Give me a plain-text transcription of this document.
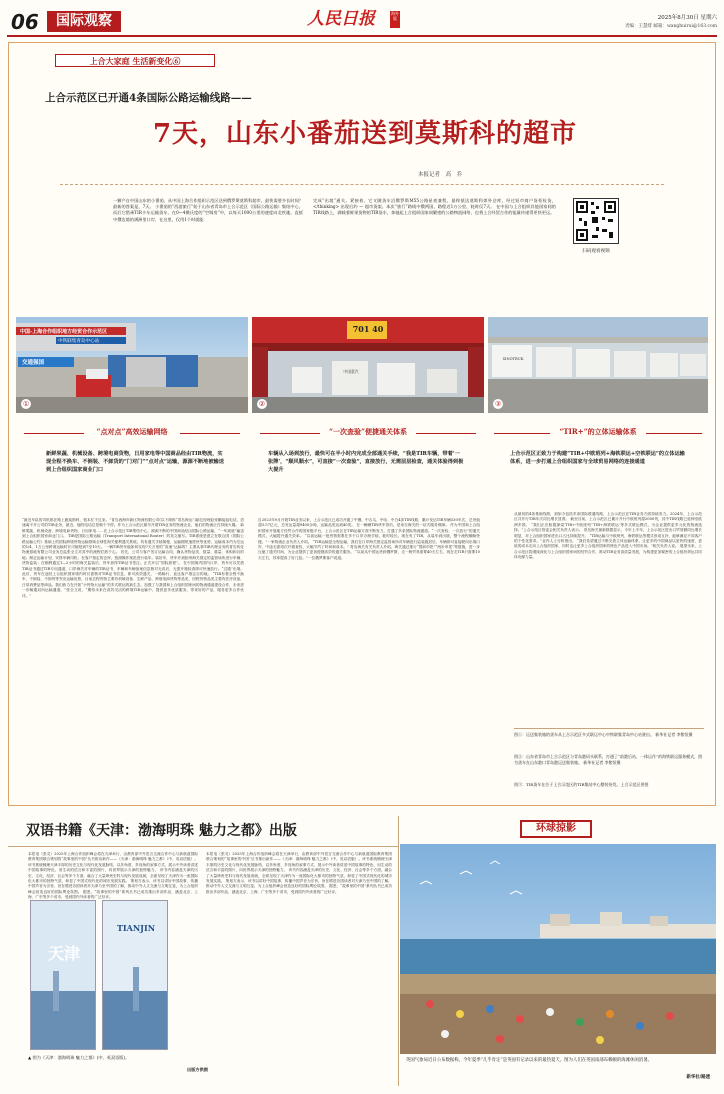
06	国际观察	人民日报	海外版	2025年8月30日 星期六
责编：王慧绯 邮箱：wanghuirui@163.com
上合大家庭 生活新变化⑥
上合示范区已开通4条国际公路运输线路——
7天，山东小番茄送到莫斯科的超市
本报记者　高　乔
一颗产自中国山东的小番茄，从中国上海合作组织示范区送到俄罗斯莫斯科超市，最快需要多长时间？ 最新的答案是，7天。 小番茄的“西游旅行”始于山东省青岛市上合示范区（国际公路运输）集结中心，而后它搭乘TIR卡车运输货车，在0—4摄氏度的“空调房”中，以每天1000公里的速度向北疾驰。直抵中俄边境的满洲里口岸，在这里，仅用1个时就能
完成“出境”通关。紧接着，它又随货车沿俄罗斯M55公路星夜兼程，最终抵达莫斯科郊外仓库，经过短市商户货柜检货，</thinking> 出现后约 — 超市货架。本次“旅行”路线中俄两国，路程近1万公里，耗时仅7天。 在中国与上合组织其他国家间的TIR线路上，满载着鲜果货物的TIR货车，奔驰起上合组织国家间繁密的公路物流网络，也将上合经贸合作的能量传递得更快更远。
扫码观看视频
中国-上海合作组织地方经贸合作示范区
中铁联集青岛中心站
交通强国
①
701 40
中国重汽
②
SINOTRUK
③
“点对点”高效运输网络	“一次查验”便捷通关体系	“TIR+”的立体运输体系
新鲜果蔬、机械设备、跨境电商货物，日用家电等中国商品经由TIR物流，实现全程不换车、不倒装、不卸货的“门对门”“点对点”运输，源源不断地被输送到上合组织国家商业门口
车辆从入场到放行，最快可在半小时内完成全部通关手续，“我是TIR车辆，带着‘一张牌’，“顺风顺水”，可直接“一次查验”，直接放行，无需层层检查，通关体验得到极大提升
上合示范区正致力于构建“TIR+中欧班列+海铁联运+空铁联运”的立体运输体系，进一步打通上合组织国家与全球贸易网络的连接通道
“最近车队的司机都在路上跑莫斯科，根本忙不过来。”青岛西海岸新区物流有限公司(以下简称“青岛海运”)副总经理赵家鹏接起电话，语速离不开公司的TIR业务，最近，他的电话总是响个不停。作为上合示范区最早开展TIR业务的物流企业，他们的物流正在持续火爆。 新鲜果蔬、机械设备、跨境电商货物、日用家电……在上合示范区TIR集结中心，源源不断的中国商品经由国际公路运输，“一车到底”输送到上合组织国家商业门口。 TIR是国际公路运输（Transport International Router）的英文缩写。TIR系统是建立在联合国《国际公路运输公约》基础上的国际跨境货物运输领域全球性海关便利通关系统。具有通关手续简便、运输期短速度快等优势，运输成本约为空运的1/4、1万公里跨境运输时长可缩短到7至10天。 一辆TIR货车能如何实现7天万里的“高速”运输的？主要从事TIR代理业务的青岛传化物流基地有限公司业务总监张全文对其中的流程烂熟于心。 首先，公司与客户签订运输合同，确认货物品类、数量、重量、体积和目的地；制定运输计划，安排车辆司机；在客户指定的仓库，按照操作规范进行装车。装好车，货车开到胶州海关指定的监管场所进行车辆、货物监装；在顺利通过1—2小时的海关监装后，货车获得TIR证书签注。正式开启“国际旅程”。 在中国境内国内口岸，货车可以凭借TIR证书通过TIR专用通道，口岸海关对车辆的TIR证书、车辆和车辆备案信息核对无误后，无需开箱检查即可快速放行。“过通”出境。 此后，货车在途经上合组织国家境内时仅需核对TIR证书信息，即可高效通关，一路畅行，直达客户指定目的地。 “TIR有着全程不换车、不倒装、不卸货等突出运输优势，目前去程货物主要有机械设备、生鲜产品、跨境电商货物等品类，回程货物品类主要有医疗设备，日常消费品等商品。我们致力在开拓“小货物大运输”的多式联运的新生态，加强了与我国和上合组织国家间的物流通道建设合作，未来进一步畅通双向运输通道，”张全文说，“期待未来在高效灵活的跨境TIR运输中，提供更多优质服务，带来好的产品，服务更多合作伙伴。”
自2023年9月开展TIR业务以来，上合示范区已成功开通了中俄、中吉乌、中哈、中白4条TIR线路，累计发运TIR车辆530车次，总货值超3.57亿元，总发运量超9400余吨，运输品类达到40类。 在一辆辆TIR货车背后，是来自海关的一站式服务保障。 作为中国和上合组织国家开展地方经贸合作的国家级平台，上合示范区在TIR运输方面不断发力，打通了多条国际物流通道。“一次查验、一次放行”的通关模式，大幅提升通关效率。 “以前运输一批货物需要在多个口岸办理手续，耗时较长。现在有了TIR，从装车到出境，整个流程顺畅快捷。”一家物流企业负责人介绍。 “TIR运输是全程运输，我们在口岸海关指定监管场所对车辆进行监装施封后，车辆即可直接驶向出境口岸，中途无需再次开箱查验，大幅节约了时间和成本。” 青岛海关有关负责人介绍，海关通过推行“提前申报”“两步申报”等措施，进一步压缩了通关时间，为企业提供了更加便捷高效的通关服务。 “以前从中国运货到俄罗斯，走一般贸易需要40天左右，现在走TIR只需要10天左右，效率提高了好几倍。”一位俄罗斯客户说道。
从最初的4条基础线路，到如今包括多条国际联通线路，上合示范区在TIR业务方面持续发力。2024年，上合示范区共开行TIR车次同比增长显著。 截至目前，上合示范区已累计开行中欧班列超2000列，其中TIR线路已延伸至欧洲多国。 “我们正在积极探索‘TIR+中欧班列’‘TIR+海铁联运’等多式联运模式，为企业提供更多元化的物流选择。”上合示范区管委会相关负责人表示。 青岛海关最新数据显示，今年上半年，上合示范区进出口贸易额同比增长明显，对上合组织国家进出口占比持续提升。 “TIR运输与中欧班列、海铁联运等模式形成互补，能够满足不同客户的个性化需求。”业内人士分析指出。 “我们希望通过不断完善立体运输体系，让更多的中国商品以更快的速度、更低的成本走向上合组织国家，同时也让更多上合组织国家的特色产品进入中国市场。”相关负责人说。 展望未来，上合示范区将继续深化与上合组织国家间的经贸合作，推动TIR业务高质量发展，为构建更加紧密的上合组织命运共同体贡献力量。
图①：运送集装箱的货车从上合示范区多式联运中心中铁联集青岛中心站驶出。 新华社记者 李紫恒摄
图②：山东省青岛市上合示范区与青岛港码头联系，打通了“前港后站、一体运作”的海铁联运服务模式，图为货车在山东港口青岛港运送集装箱。 新华社记者 李紫恒摄
图③：TIR货车在位于上合示范区的TIR集结中心整装待发。上合示范区供图
双语书籍《天津：渤海明珠 魅力之都》出版
本报电（张灵）2025年上海合作组织峰会将在天津举行，由教育部中外语言交流合作中心与新航道国际教育集团联合策划的“故事里的中国”丛书推出新作——《天津：渤海明珠 魅力之都》（中、英双语版）。该书系统梳理天津丰厚的历史文化与现代化发展脉络，以多角度、多视角的叙事方式，展示中外读者讲述中国故事的特色，用生动的语言和丰富的图片，向世界展示天津的独特魅力。 该书内容涵盖天津的历史、文化、经济、社会等多个方面，融合了大量珍贵史料与现代发展成就，全面呈现了天津作为一座国际化大都市的独特气质，彰显了中国式现代化的城市发展实践。 策划方表示，该书以讲好中国故事、传播中国声音为宗旨，旨在增进各国读者对天津乃至中国的了解，推动中外人文交流与文明互鉴，为上合组织峰会营造良好的国际舆论氛围。 据悉，“故事里的中国”系列丛书已成功推出多部作品，涵盖北京、上海、广东等多个省市，受到国内外读者的广泛好评。
天津
TIANJIN
▲ 图为《天津：渤海明珠 魅力之都》(中、英双语版)。
出版方供图
本报电（张灵）2025年上海合作组织峰会将在天津举行，由教育部中外语言交流合作中心与新航道国际教育集团联合策划的“故事里的中国”丛书推出新作——《天津：渤海明珠 魅力之都》（中、英双语版）。该书系统梳理天津丰厚的历史文化与现代化发展脉络，以多角度、多视角的叙事方式，展示中外读者讲述中国故事的特色，用生动的语言和丰富的图片，向世界展示天津的独特魅力。 该书内容涵盖天津的历史、文化、经济、社会等多个方面，融合了大量珍贵史料与现代发展成就，全面呈现了天津作为一座国际化大都市的独特气质，彰显了中国式现代化的城市发展实践。 策划方表示，该书以讲好中国故事、传播中国声音为宗旨，旨在增进各国读者对天津乃至中国的了解，推动中外人文交流与文明互鉴，为上合组织峰会营造良好的国际舆论氛围。 据悉，“故事里的中国”系列丛书已成功推出多部作品，涵盖北京、上海、广东等多个省市，受到国内外读者的广泛好评。
环球掠影
英国气象局近日公布数据称，今年夏季“几乎肯定”是英国有记录以来的最热夏天。图为人们在英国南部布赖顿的海滩休闲消暑。
新华社/路透
